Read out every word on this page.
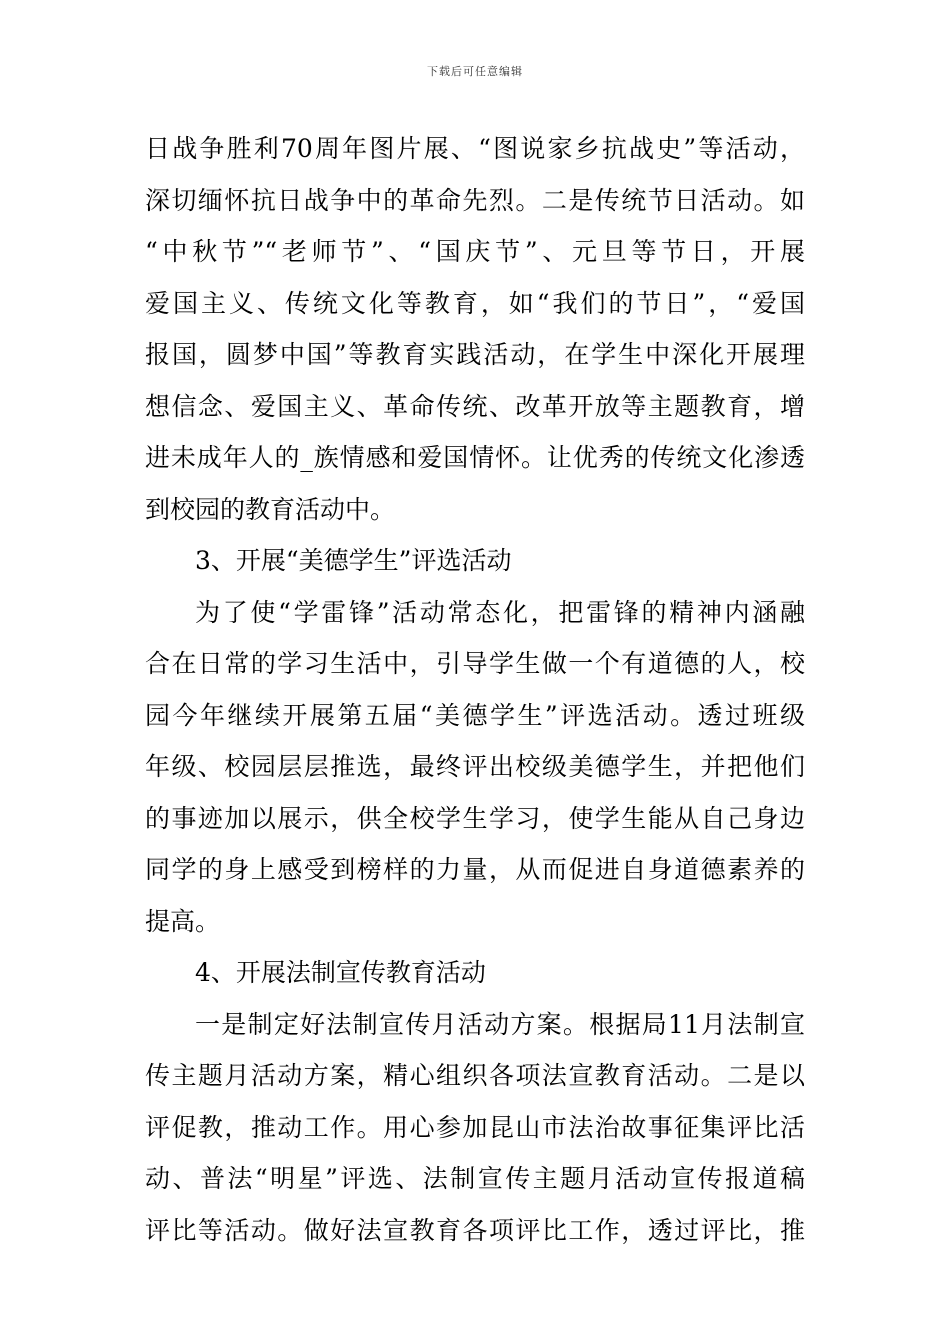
下载后可任意编辑
日战争胜利70周年图片展、“图说家乡抗战史”等活动，
深切缅怀抗日战争中的革命先烈。二是传统节日活动。如
“中秋节”“老师节”、“国庆节”、元旦等节日，开展
爱国主义、传统文化等教育，如“我们的节日”，“爱国
报国，圆梦中国”等教育实践活动，在学生中深化开展理
想信念、爱国主义、革命传统、改革开放等主题教育，增
进未成年人的_族情感和爱国情怀。让优秀的传统文化渗透
到校园的教育活动中。
3、开展“美德学生”评选活动
为了使“学雷锋”活动常态化，把雷锋的精神内涵融
合在日常的学习生活中，引导学生做一个有道德的人，校
园今年继续开展第五届“美德学生”评选活动。透过班级
年级、校园层层推选，最终评出校级美德学生，并把他们
的事迹加以展示，供全校学生学习，使学生能从自己身边
同学的身上感受到榜样的力量，从而促进自身道德素养的
提高。
4、开展法制宣传教育活动
一是制定好法制宣传月活动方案。根据局11月法制宣
传主题月活动方案，精心组织各项法宣教育活动。二是以
评促教，推动工作。用心参加昆山市法治故事征集评比活
动、普法“明星”评选、法制宣传主题月活动宣传报道稿
评比等活动。做好法宣教育各项评比工作，透过评比，推
